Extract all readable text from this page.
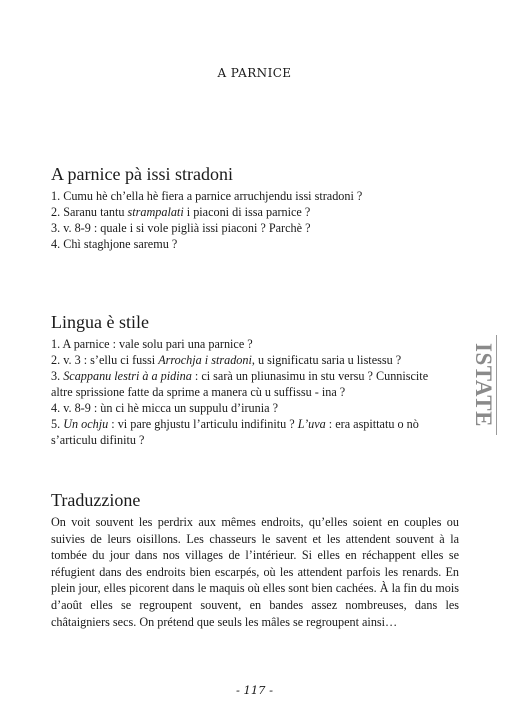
A PARNICE
A parnice pà issi stradoni
1. Cumu hè ch’ella hè fiera a parnice arruchjendu issi stradoni ?
2. Saranu tantu strampalati i piaconi di issa parnice ?
3. v. 8-9 : quale i si vole piglià issi piaconi ? Parchè ?
4. Chì staghjone saremu ?
Lingua è stile
1. A parnice : vale solu pari una parnice ?
2. v. 3 : s’ellu ci fussi Arrochja i stradoni, u significatu saria u listessu ?
3. Scappanu lestri à a pidina : ci sarà un pliunasimu in stu versu ? Cunniscite
altre sprissione fatte da sprime a manera cù u suffissu - ina ?
4. v. 8-9 : ùn ci hè micca un suppulu d’irunia ?
5. Un ochju : vi pare ghjustu l’articulu indifinitu ? L’uva : era aspittatu o nò
s’articulu difinitu ?
ISTATE
Traduzzione

On voit souvent les perdrix aux mêmes endroits, qu’elles soient en couples ou suivies de leurs oisillons. Les chasseurs le savent et les attendent souvent à la tombée du jour dans nos villages de l’intérieur. Si elles en réchappent elles se réfugient dans des endroits bien escarpés, où les attendent parfois les renards. En plein jour, elles picorent dans le maquis où elles sont bien cachées. À la fin du mois d’août elles se regroupent souvent, en bandes assez nombreuses, dans les châtaigniers secs. On prétend que seuls les mâles se regroupent ainsi…

- 117 -
